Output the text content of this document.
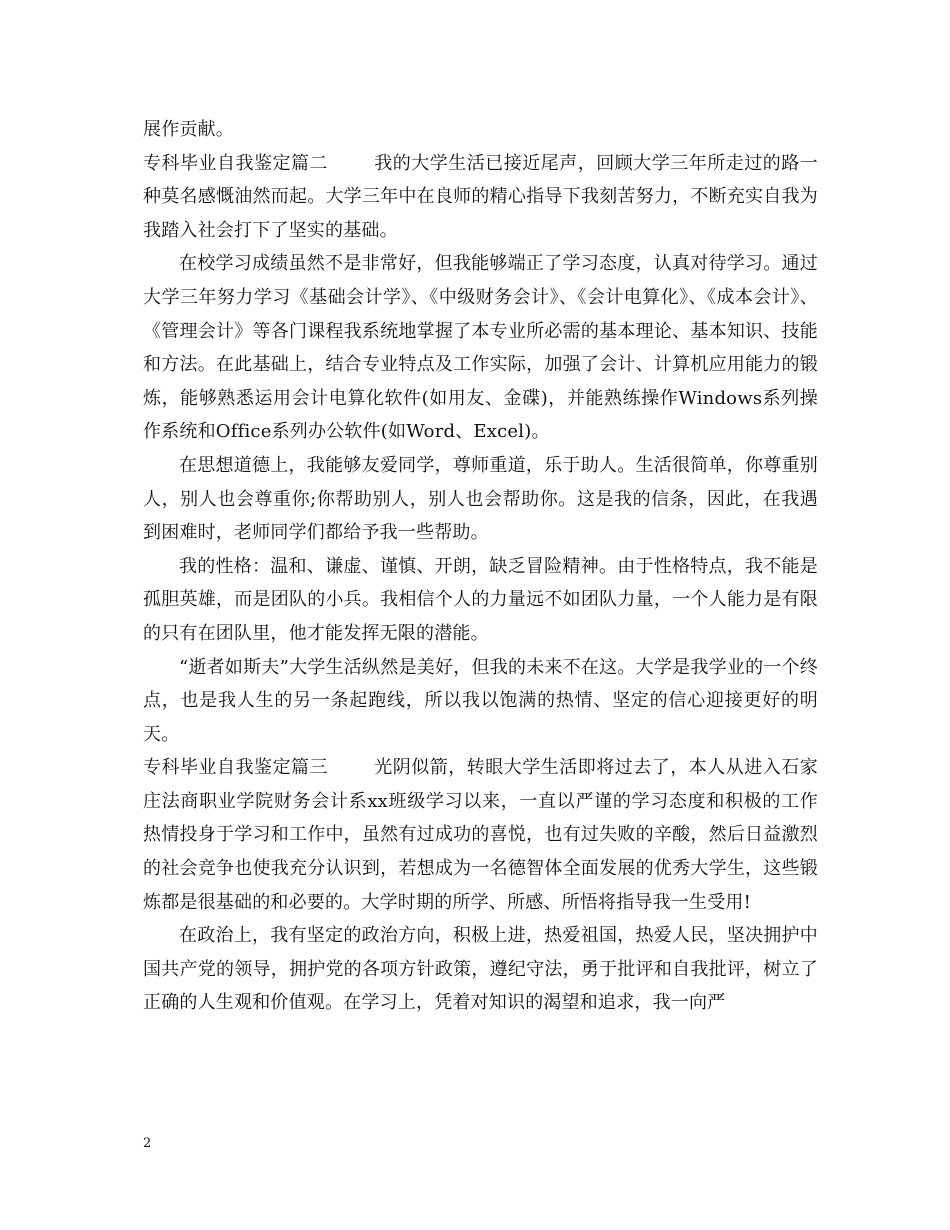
展作贡献。

专科毕业自我鉴定篇二	我的大学生活已接近尾声，回顾大学三年所走过的路一种莫名感慨油然而起。大学三年中在良师的精心指导下我刻苦努力，不断充实自我为我踏入社会打下了坚实的基础。

在校学习成绩虽然不是非常好，但我能够端正了学习态度，认真对待学习。通过大学三年努力学习《基础会计学》、《中级财务会计》、《会计电算化》、《成本会计》、《管理会计》等各门课程我系统地掌握了本专业所必需的基本理论、基本知识、技能和方法。在此基础上，结合专业特点及工作实际，加强了会计、计算机应用能力的锻炼，能够熟悉运用会计电算化软件(如用友、金碟)，并能熟练操作Windows系列操作系统和Office系列办公软件(如Word、Excel)。

在思想道德上，我能够友爱同学，尊师重道，乐于助人。生活很简单，你尊重别人，别人也会尊重你;你帮助别人，别人也会帮助你。这是我的信条，因此，在我遇到困难时，老师同学们都给予我一些帮助。

我的性格：温和、谦虚、谨慎、开朗，缺乏冒险精神。由于性格特点，我不能是孤胆英雄，而是团队的小兵。我相信个人的力量远不如团队力量，一个人能力是有限的只有在团队里，他才能发挥无限的潜能。

“逝者如斯夫”大学生活纵然是美好，但我的未来不在这。大学是我学业的一个终点，也是我人生的另一条起跑线，所以我以饱满的热情、坚定的信心迎接更好的明天。

专科毕业自我鉴定篇三	光阴似箭，转眼大学生活即将过去了，本人从进入石家庄法商职业学院财务会计系xx班级学习以来，一直以严谨的学习态度和积极的工作热情投身于学习和工作中，虽然有过成功的喜悦，也有过失败的辛酸，然后日益激烈的社会竞争也使我充分认识到，若想成为一名德智体全面发展的优秀大学生，这些锻炼都是很基础的和必要的。大学时期的所学、所感、所悟将指导我一生受用!

在政治上，我有坚定的政治方向，积极上进，热爱祖国，热爱人民，坚决拥护中国共产党的领导，拥护党的各项方针政策，遵纪守法，勇于批评和自我批评，树立了正确的人生观和价值观。在学习上，凭着对知识的渴望和追求，我一向严

2
